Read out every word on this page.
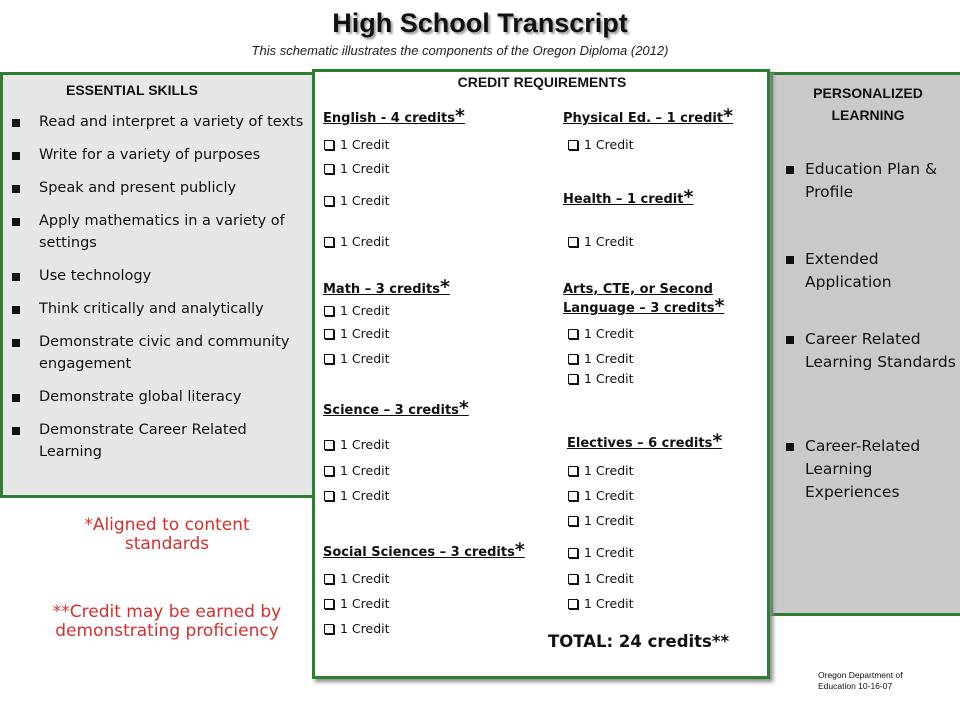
High School Transcript
This schematic illustrates the components of the Oregon Diploma (2012)
ESSENTIAL SKILLS
Read and interpret a variety of texts
Write for a variety of purposes
Speak and present publicly
Apply mathematics in a variety of settings
Use technology
Think critically and analytically
Demonstrate civic and community engagement
Demonstrate global literacy
Demonstrate Career Related Learning
*Aligned to content standards
**Credit may be earned by demonstrating proficiency
PERSONALIZED LEARNING
Education Plan & Profile
Extended Application
Career Related Learning Standards
Career-Related Learning Experiences
CREDIT REQUIREMENTS
English - 4 credits*	Physical Ed. – 1 credit*
Health – 1 credit*
Math – 3 credits*	Arts, CTE, or Second
Language – 3 credits*
Science – 3 credits*
Electives – 6 credits*
Social Sciences – 3 credits*
1 Credit
1 Credit
1 Credit
1 Credit
1 Credit
1 Credit
1 Credit
1 Credit
1 Credit
1 Credit
1 Credit
1 Credit
1 Credit
1 Credit
1 Credit
1 Credit
1 Credit
1 Credit
1 Credit
1 Credit
1 Credit
1 Credit
1 Credit
1 Credit
TOTAL: 24 credits**
Oregon Department of Education 10-16-07
